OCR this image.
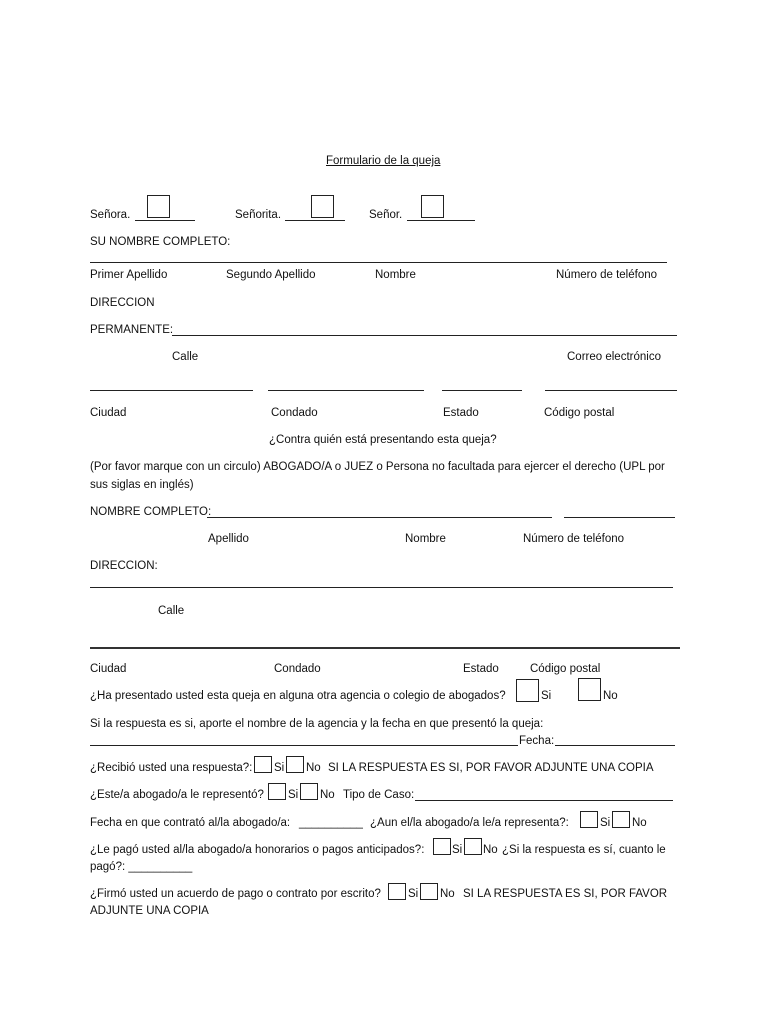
Formulario de la queja
Señora.	Señorita.	Señor.
SU NOMBRE COMPLETO:
Primer Apellido	Segundo Apellido	Nombre	Número de teléfono
DIRECCION
PERMANENTE:
Calle	Correo electrónico
Ciudad	Condado	Estado	Código postal
¿Contra quién está presentando esta queja?
(Por favor marque con un circulo) ABOGADO/A o JUEZ o Persona no facultada para ejercer el derecho (UPL por
sus siglas en inglés)
NOMBRE COMPLETO:
Apellido	Nombre	Número de teléfono
DIRECCION:
Calle
Ciudad	Condado	Estado	Código postal
¿Ha presentado usted esta queja en alguna otra agencia o colegio de abogados?	Si	No
Si la respuesta es si, aporte el nombre de la agencia y la fecha en que presentó la queja:
Fecha:
¿Recibió usted una respuesta?: Si No SI LA RESPUESTA ES SI, POR FAVOR ADJUNTE UNA COPIA
¿Este/a abogado/a le representó? Si No Tipo de Caso:
Fecha en que contrató al/la abogado/a: __________ ¿Aun el/la abogado/a le/a representa?:	Si No
¿Le pagó usted al/la abogado/a honorarios o pagos anticipados?: Si No ¿Si la respuesta es sí, cuanto le
pagó?: __________
¿Firmó usted un acuerdo de pago o contrato por escrito? Si No SI LA RESPUESTA ES SI, POR FAVOR
ADJUNTE UNA COPIA
